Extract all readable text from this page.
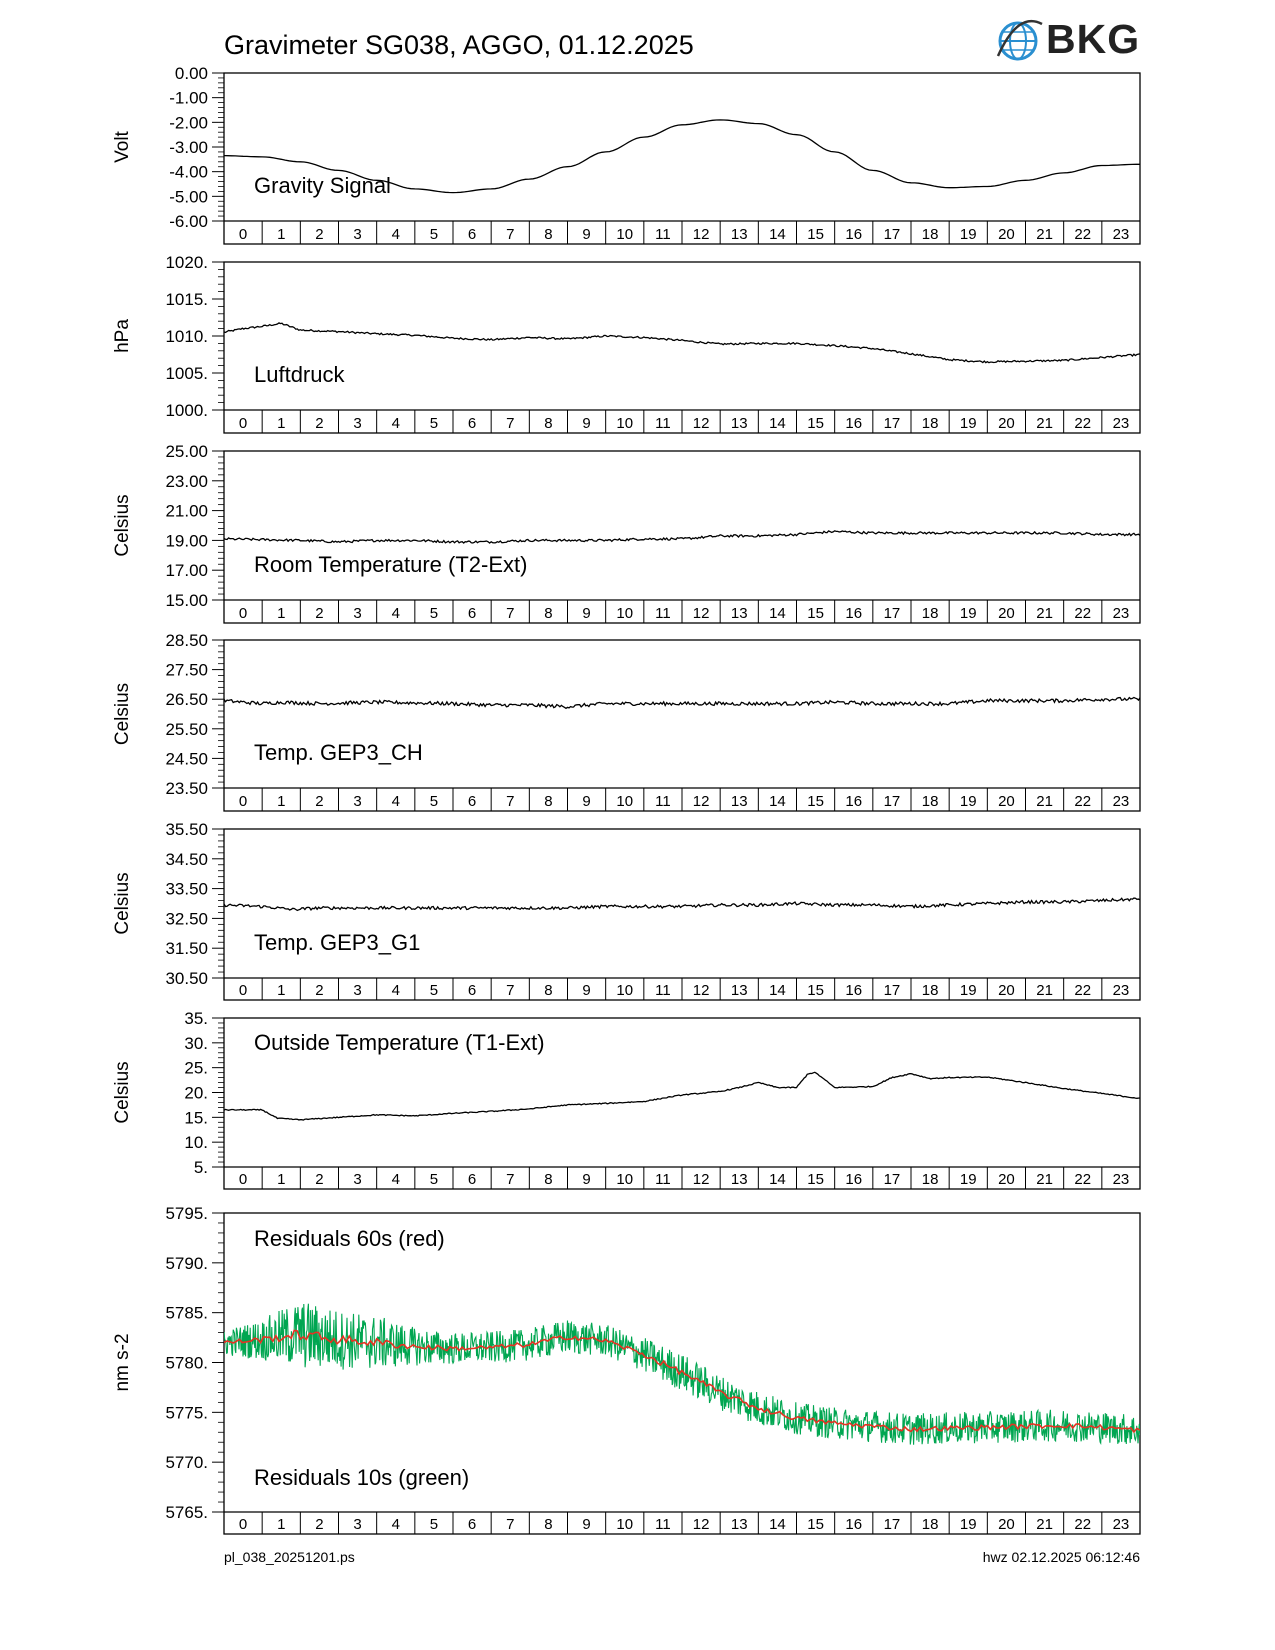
Gravimeter SG038, AGGO, 01.12.2025	BKG
0.00
-1.00
-2.00
-3.00
-4.00
-5.00
-6.00
Volt
0 1 2 3 4 5 6 7 8 9 10 11 12 13 14 15 16 17 18 19 20 21 22 23
Gravity Signal
1020.
1015.
1010.
1005.
1000.
hPa
0 1 2 3 4 5 6 7 8 9 10 11 12 13 14 15 16 17 18 19 20 21 22 23
Luftdruck
25.00
23.00
21.00
19.00
17.00
15.00
Celsius
0 1 2 3 4 5 6 7 8 9 10 11 12 13 14 15 16 17 18 19 20 21 22 23
Room Temperature (T2-Ext)
28.50
27.50
26.50
25.50
24.50
23.50
Celsius
0 1 2 3 4 5 6 7 8 9 10 11 12 13 14 15 16 17 18 19 20 21 22 23
Temp. GEP3_CH
35.50
34.50
33.50
32.50
31.50
30.50
Celsius
0 1 2 3 4 5 6 7 8 9 10 11 12 13 14 15 16 17 18 19 20 21 22 23
Temp. GEP3_G1
35.
30.
25.
20.
15.
10.
5.
Celsius
0 1 2 3 4 5 6 7 8 9 10 11 12 13 14 15 16 17 18 19 20 21 22 23
Outside Temperature (T1-Ext)
5795.
5790.
5785.
5780.
5775.
5770.
5765.
nm s-2
0 1 2 3 4 5 6 7 8 9 10 11 12 13 14 15 16 17 18 19 20 21 22 23
Residuals 60s (red)
Residuals 10s (green)
pl_038_20251201.ps	hwz 02.12.2025 06:12:46
